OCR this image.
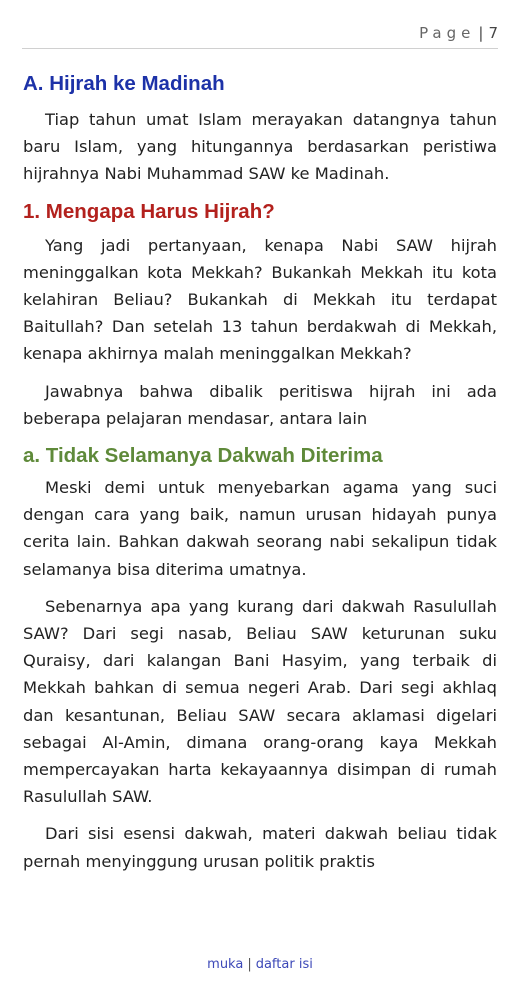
Page | 7
A. Hijrah ke Madinah

Tiap tahun umat Islam merayakan datangnya tahun baru Islam, yang hitungannya berdasarkan peristiwa hijrahnya Nabi Muhammad SAW ke Madinah.

1. Mengapa Harus Hijrah?

Yang jadi pertanyaan, kenapa Nabi SAW hijrah meninggalkan kota Mekkah? Bukankah Mekkah itu kota kelahiran Beliau? Bukankah di Mekkah itu terdapat Baitullah? Dan setelah 13 tahun berdakwah di Mekkah, kenapa akhirnya malah meninggalkan Mekkah?

Jawabnya bahwa dibalik peritiswa hijrah ini ada beberapa pelajaran mendasar, antara lain

a. Tidak Selamanya Dakwah Diterima

Meski demi untuk menyebarkan agama yang suci dengan cara yang baik, namun urusan hidayah punya cerita lain. Bahkan dakwah seorang nabi sekalipun tidak selamanya bisa diterima umatnya.

Sebenarnya apa yang kurang dari dakwah Rasulullah SAW? Dari segi nasab, Beliau SAW keturunan suku Quraisy, dari kalangan Bani Hasyim, yang terbaik di Mekkah bahkan di semua negeri Arab. Dari segi akhlaq dan kesantunan, Beliau SAW secara aklamasi digelari sebagai Al-Amin, dimana orang-orang kaya Mekkah mempercayakan harta kekayaannya disimpan di rumah Rasulullah SAW.

Dari sisi esensi dakwah, materi dakwah beliau tidak pernah menyinggung urusan politik praktis

muka | daftar isi
